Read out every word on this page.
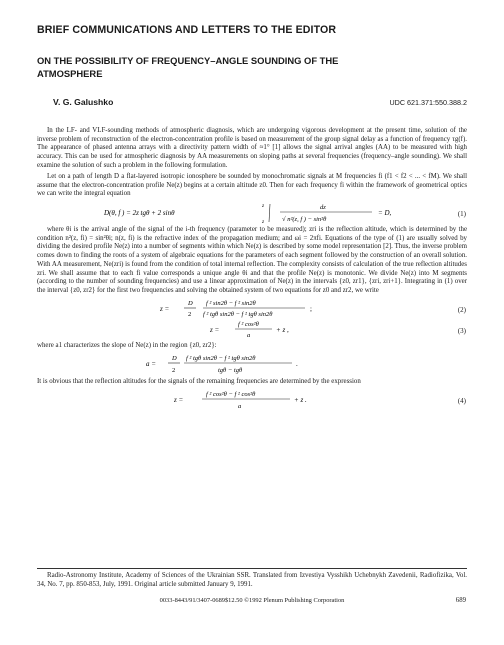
BRIEF COMMUNICATIONS AND LETTERS TO THE EDITOR
ON THE POSSIBILITY OF FREQUENCY–ANGLE SOUNDING OF THE
ATMOSPHERE
V. G. Galushko	UDC 621.371:550.388.2
In the LF- and VLF-sounding methods of atmospheric diagnosis, which are undergoing vigorous development at the present time, solution of the inverse problem of reconstruction of the electron-concentration profile is based on measurement of the group signal delay as a function of frequency τg(f). The appearance of phased antenna arrays with a directivity pattern width of ≈1° [1] allows the signal arrival angles (AA) to be measured with high accuracy. This can be used for atmospheric diagnosis by AA measurements on sloping paths at several frequencies (frequency–angle sounding). We shall examine the solution of such a problem in the following formulation.
Let on a path of length D a flat-layered isotropic ionosphere be sounded by monochromatic signals at M frequencies fi (f1 < f2 < ... < fM). We shall assume that the electron-concentration profile Ne(z) begins at a certain altitude z0. Then for each frequency fi within the framework of geometrical optics we can write the integral equation
D(θ, f ) = 2z tgθ + 2 sinθ
z
z
dz
√ n²(z, f ) − sin²θ
= D,	(1)
where θi is the arrival angle of the signal of the i-th frequency (parameter to be measured); zri is the reflection altitude, which is determined by the condition n²(z, fi) = sin²θi; n(z, fi) is the refractive index of the propagation medium; and ωi = 2πfi. Equations of the type of (1) are usually solved by dividing the desired profile Ne(z) into a number of segments within which Ne(z) is described by some model representation [2]. Thus, the inverse problem comes down to finding the roots of a system of algebraic equations for the parameters of each segment followed by the construction of an overall solution. With AA measurement, Ne(zri) is found from the condition of total internal reflection. The complexity consists of calculation of the true reflection altitudes zri. We shall assume that to each fi value corresponds a unique angle θi and that the profile Ne(z) is monotonic. We divide Ne(z) into M segments (according to the number of sounding frequencies) and use a linear approximation of Ne(z) in the intervals {z0, zr1}, {zri, zri+1}. Integrating in (1) over the interval {z0, zr2} for the first two frequencies and solving the obtained system of two equations for z0 and zr2, we write
z =
D
2
f ² sin2θ − f ² sin2θ
f ² tgθ sin2θ − f ² tgθ sin2θ
;	(2)
z =
f ² cos²θ
a
+ z ,	(3)
where a1 characterizes the slope of Ne(z) in the region {z0, zr2}:
a =
D
2
f ² tgθ sin2θ − f ² tgθ sin2θ
tgθ − tgθ
.
It is obvious that the reflection altitudes for the signals of the remaining frequencies are determined by the expression
z =
f ² cos²θ − f ² cos²θ
a
+ z .	(4)
Radio-Astronomy Institute, Academy of Sciences of the Ukrainian SSR. Translated from Izvestiya Vysshikh Uchebnykh Zavedenii, Radiofizika, Vol. 34, No. 7, pp. 850-853, July, 1991. Original article submitted January 9, 1991.
0033-8443/91/3407-0689$12.50 ©1992 Plenum Publishing Corporation	689
